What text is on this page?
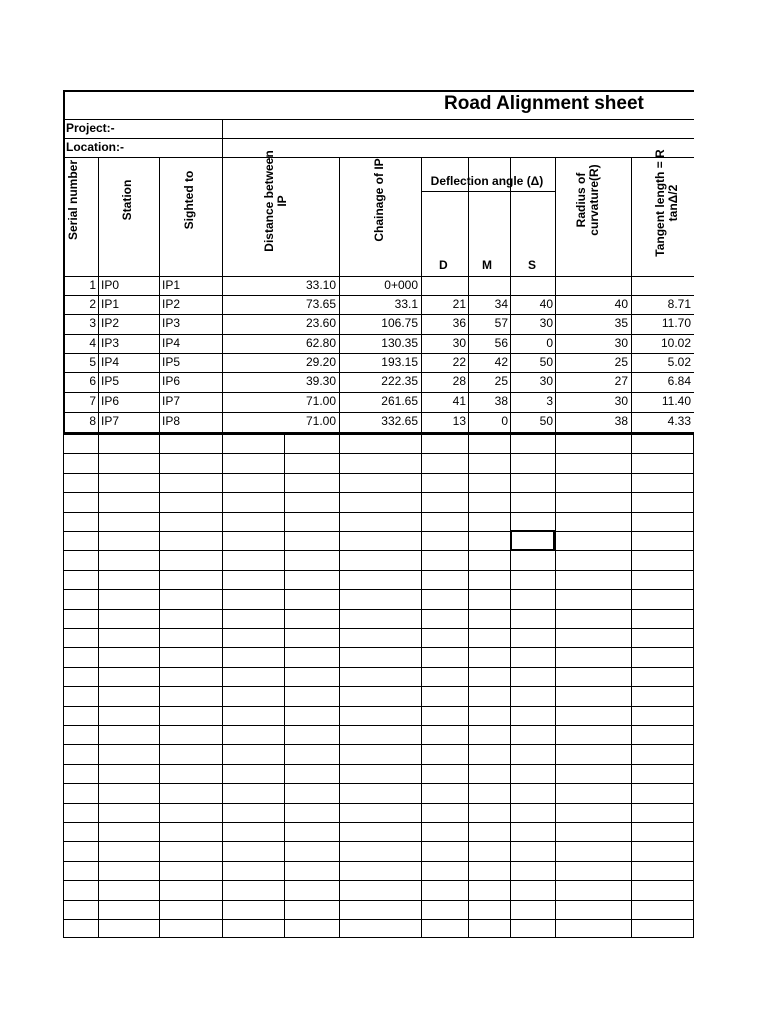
Road Alignment sheet
Project:-
Location:-
Serial number	Station	Sighted to	Distance between IP	Chainage of IP	Radius of curvature(R)	Tangent length = R tanΔ/2
Deflection angle (Δ)
D	M	S
1 IP0	IP1	33.10	0+000
2 IP1	IP2	73.65	33.1	21	34	40	40	8.71
3 IP2	IP3	23.60	106.75	36	57	30	35	11.70
4 IP3	IP4	62.80	130.35	30	56	0	30	10.02
5 IP4	IP5	29.20	193.15	22	42	50	25	5.02
6 IP5	IP6	39.30	222.35	28	25	30	27	6.84
7 IP6	IP7	71.00	261.65	41	38	3	30	11.40
8 IP7	IP8	71.00	332.65	13	0	50	38	4.33
